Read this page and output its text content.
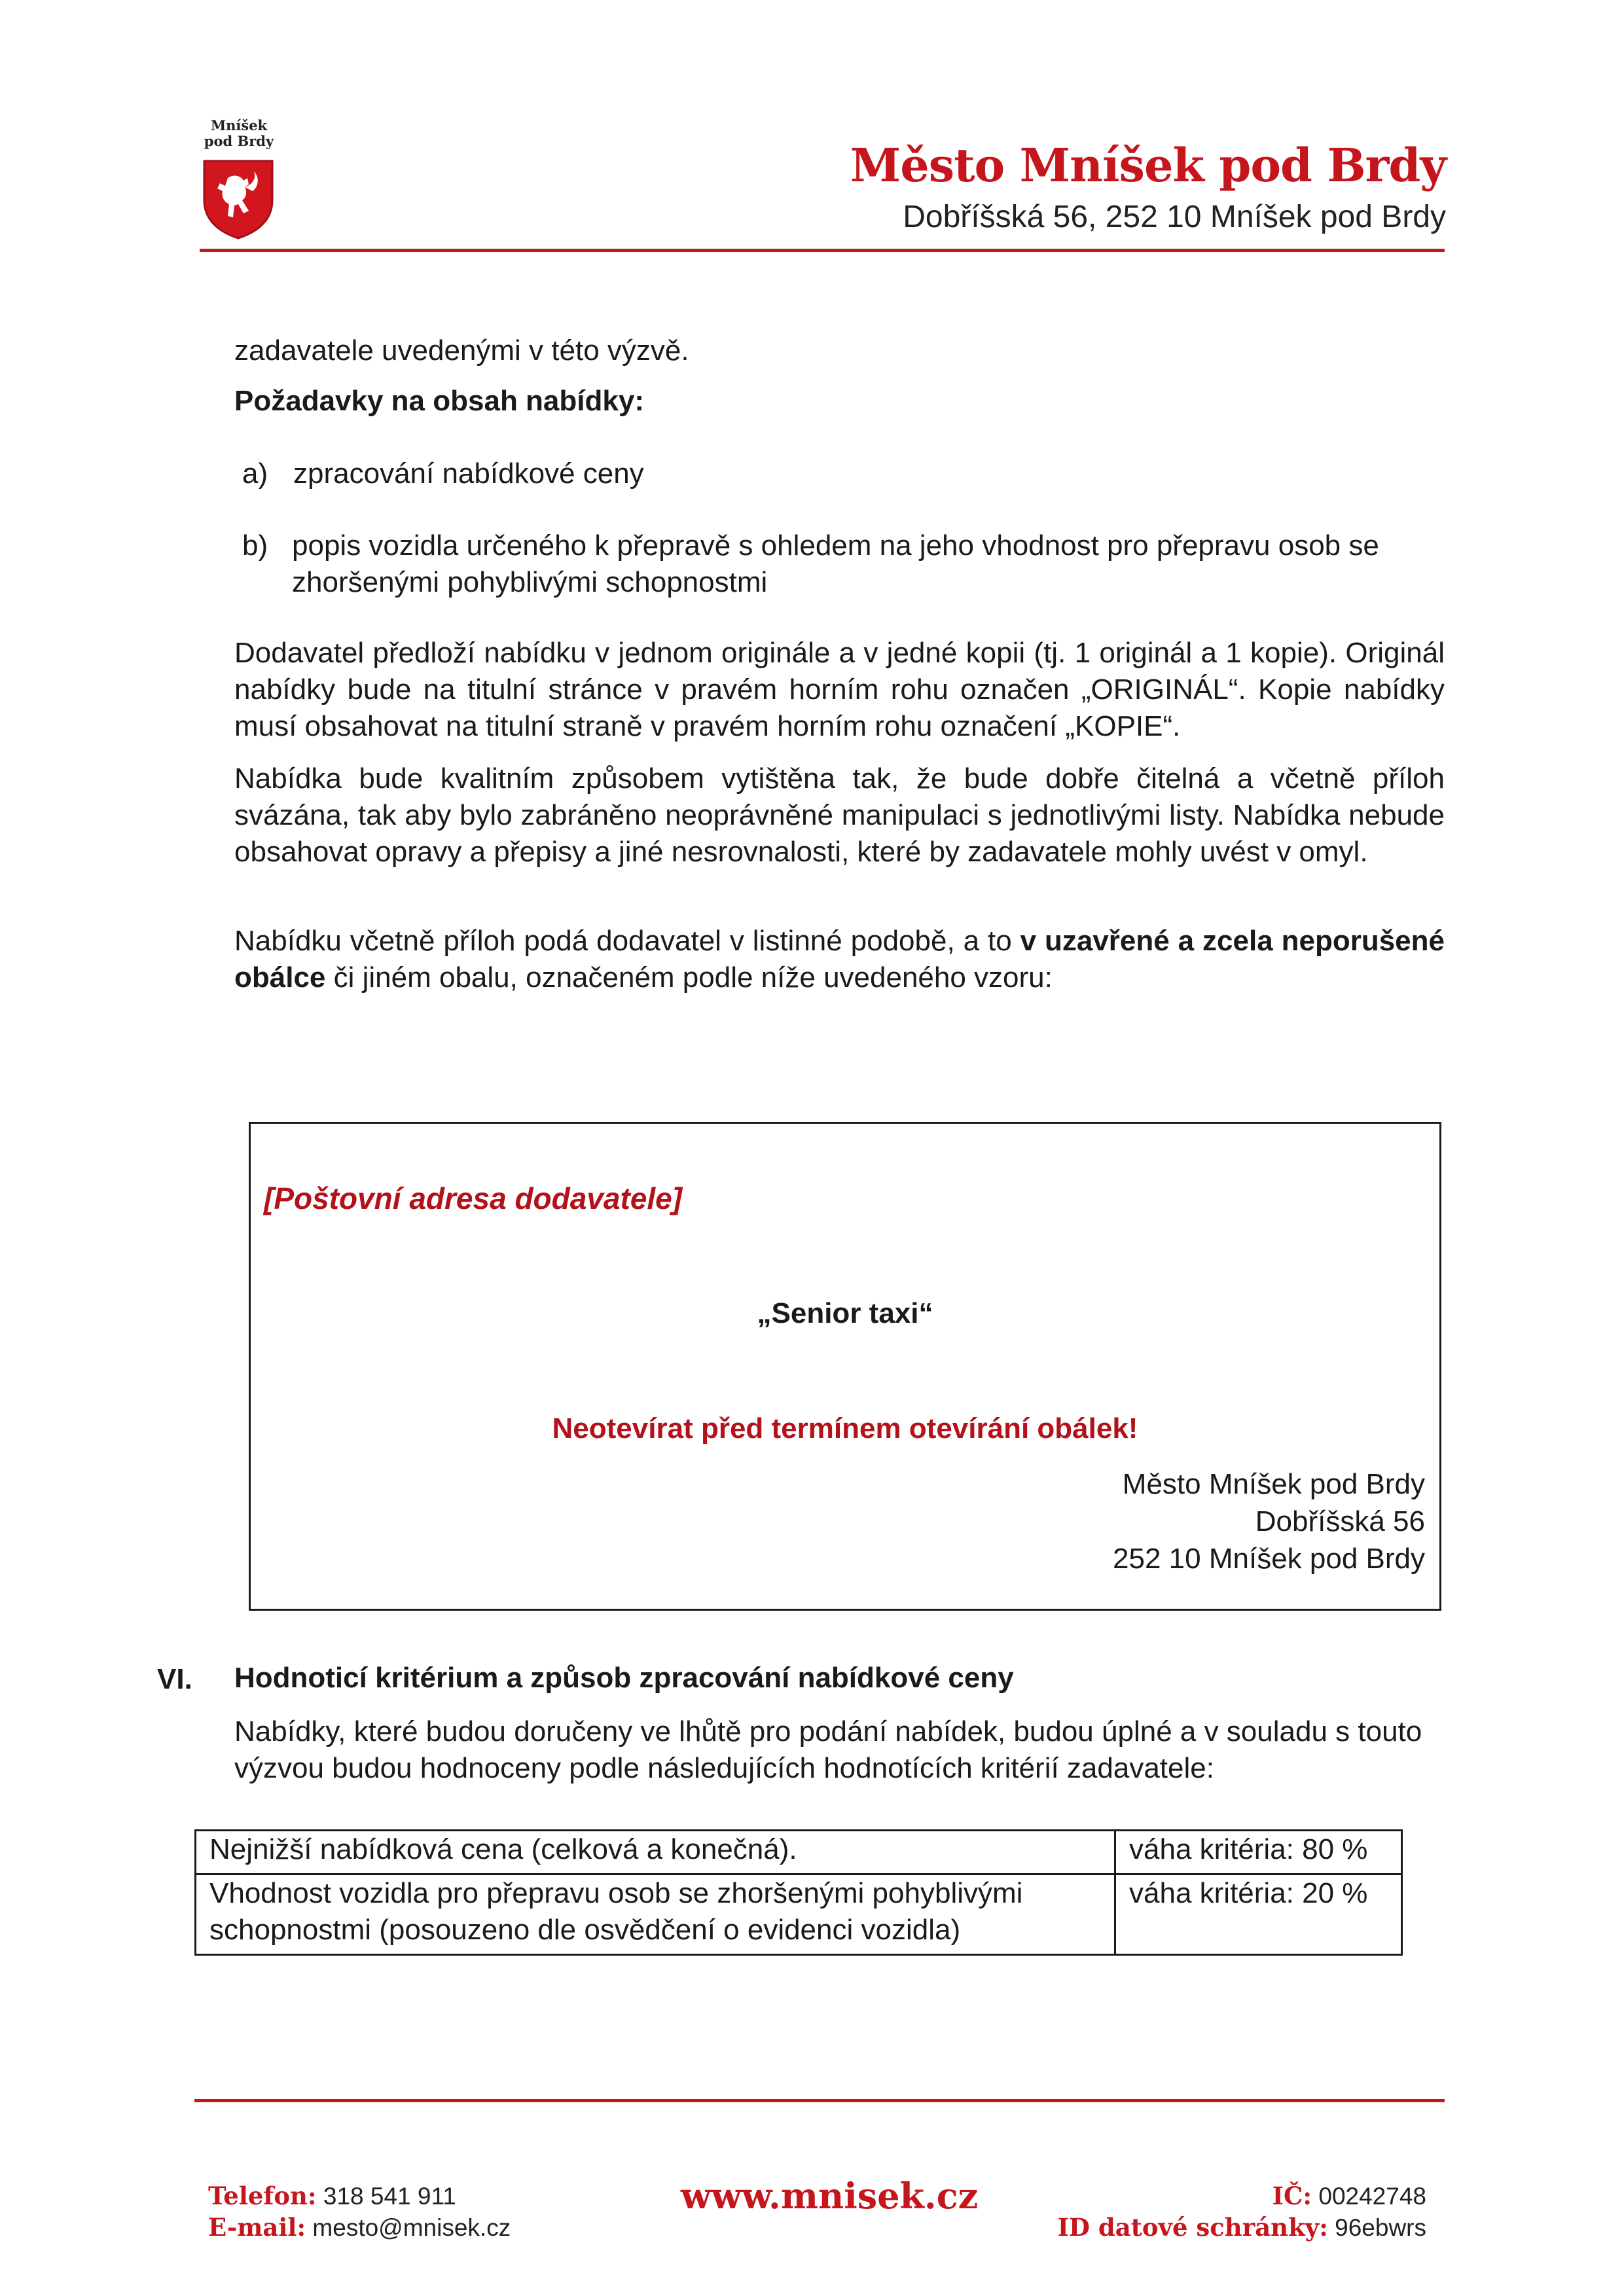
Mníšek
pod Brdy	Město Mníšek pod Brdy
Dobříšská 56, 252 10 Mníšek pod Brdy
zadavatele uvedenými v této výzvě.
Požadavky na obsah nabídky:
a) zpracování nabídkové ceny
b) popis vozidla určeného k přepravě s ohledem na jeho vhodnost pro přepravu osob se zhoršenými pohyblivými schopnostmi
Dodavatel předloží nabídku v jednom originále a v jedné kopii (tj. 1 originál a 1 kopie). Originál nabídky bude na titulní stránce v pravém horním rohu označen „ORIGINÁL“. Kopie nabídky musí obsahovat na titulní straně v pravém horním rohu označení „KOPIE“.
Nabídka bude kvalitním způsobem vytištěna tak, že bude dobře čitelná a včetně příloh svázána, tak aby bylo zabráněno neoprávněné manipulaci s jednotlivými listy. Nabídka nebude obsahovat opravy a přepisy a jiné nesrovnalosti, které by zadavatele mohly uvést v omyl.
Nabídku včetně příloh podá dodavatel v listinné podobě, a to v uzavřené a zcela neporušené obálce či jiném obalu, označeném podle níže uvedeného vzoru:
[Poštovní adresa dodavatele]
„Senior taxi“
Neotevírat před termínem otevírání obálek!
Město Mníšek pod Brdy
Dobříšská 56
252 10 Mníšek pod Brdy
VI. Hodnoticí kritérium a způsob zpracování nabídkové ceny
Nabídky, které budou doručeny ve lhůtě pro podání nabídek, budou úplné a v souladu s touto výzvou budou hodnoceny podle následujících hodnotících kritérií zadavatele:
Nejnižší nabídková cena (celková a konečná).	váha kritéria: 80 %
Vhodnost vozidla pro přepravu osob se zhoršenými pohyblivými schopnostmi (posouzeno dle osvědčení o evidenci vozidla)	váha kritéria: 20 %
Telefon: 318 541 911
E-mail: mesto@mnisek.cz
www.mnisek.cz	IČ: 00242748
ID datové schránky: 96ebwrs
